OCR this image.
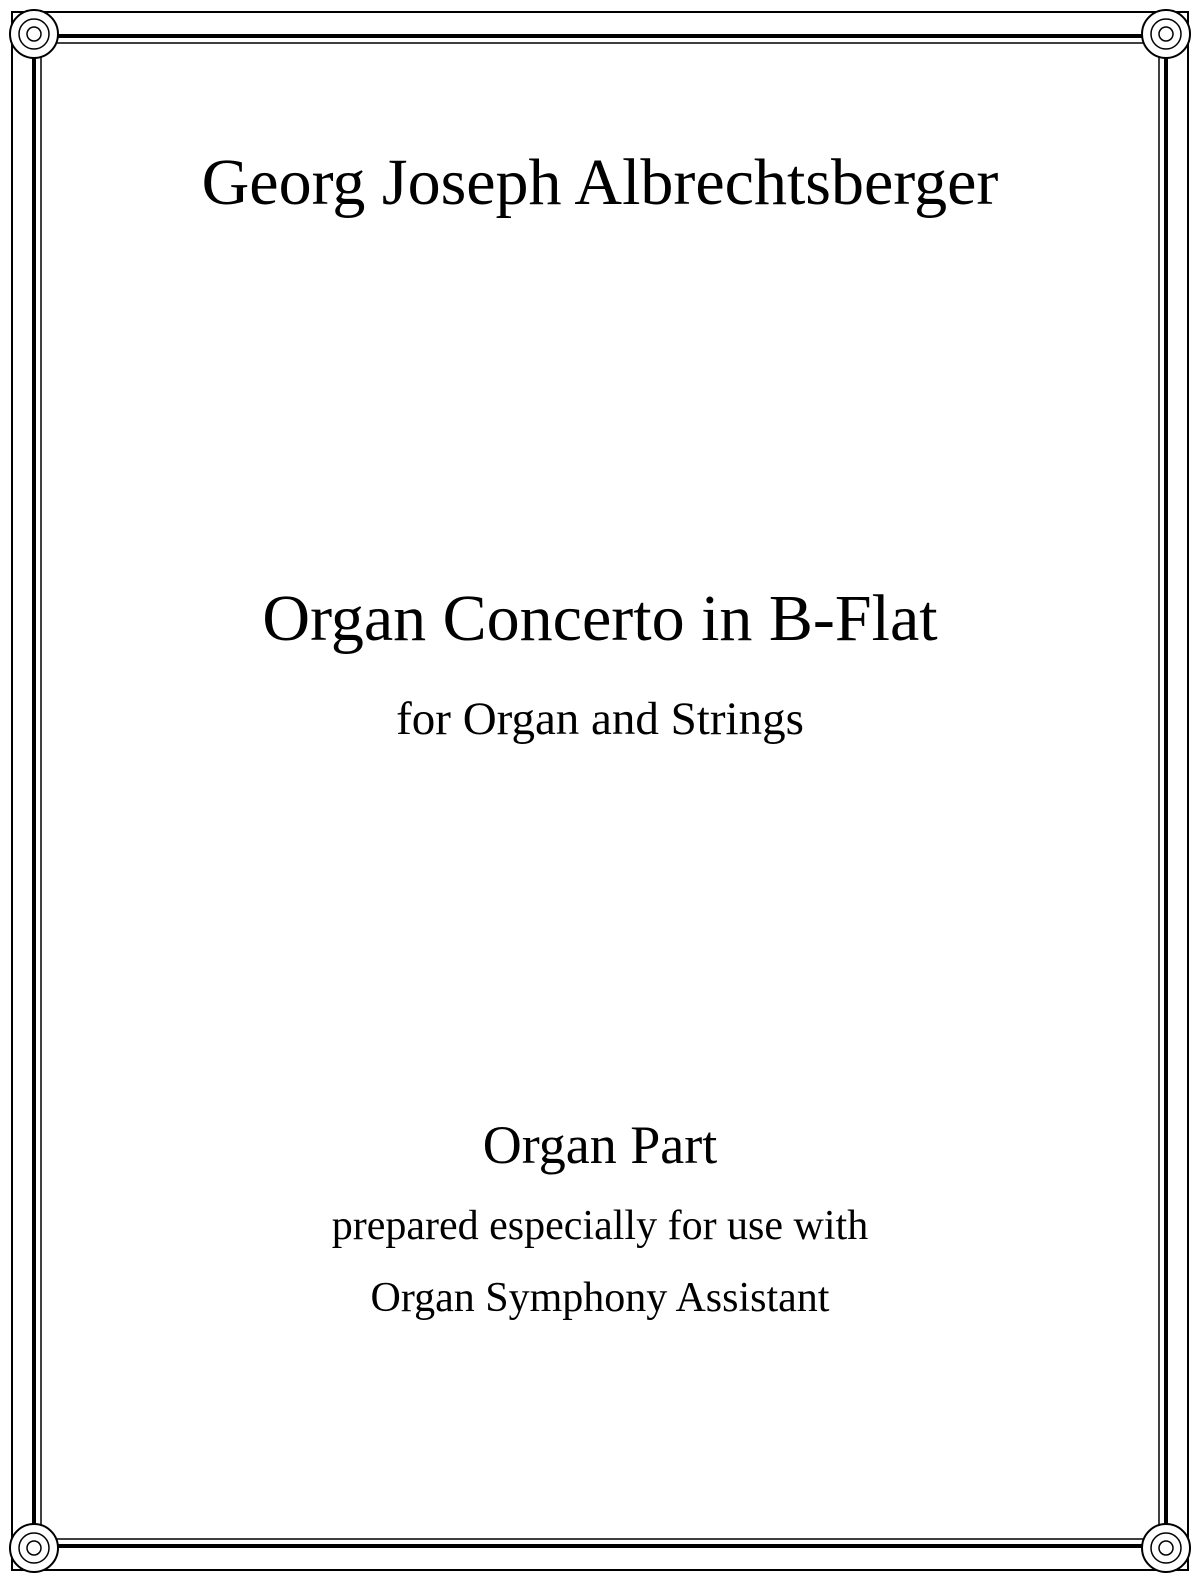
Georg Joseph Albrechtsberger
Organ Concerto in B-Flat
for Organ and Strings
Organ Part
prepared especially for use with
Organ Symphony Assistant
